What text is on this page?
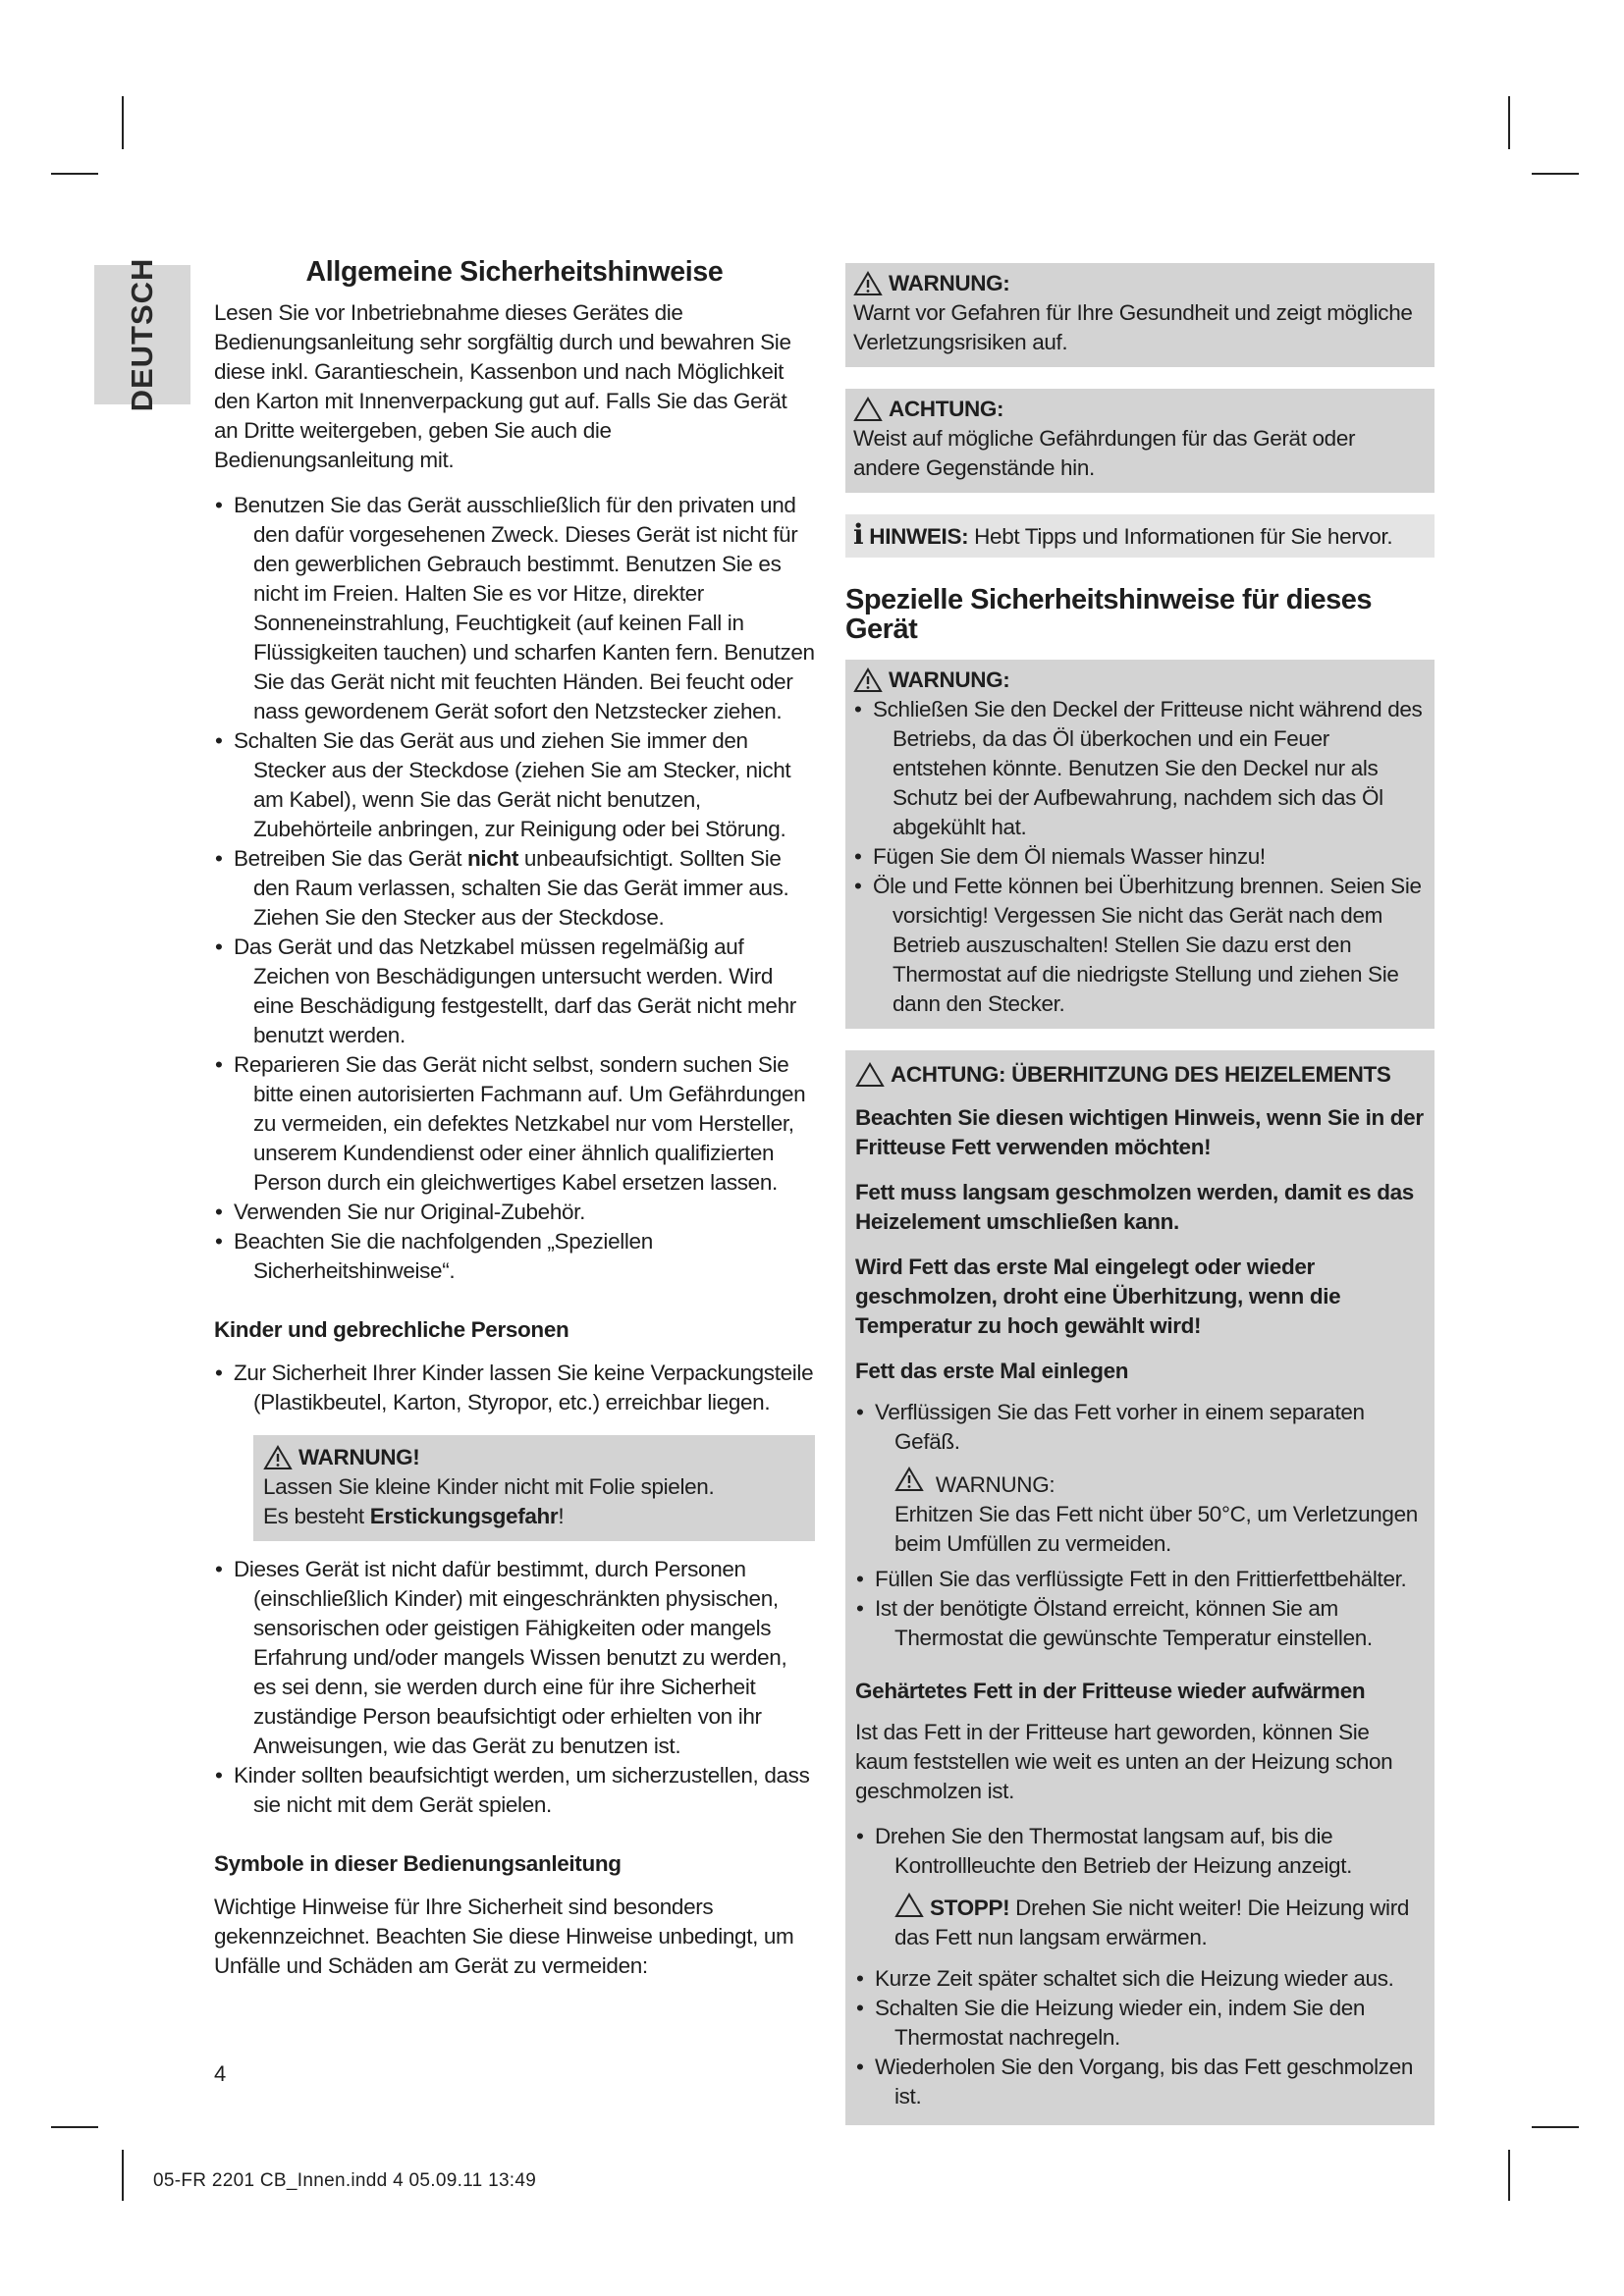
DEUTSCH	Allgemeine Sicherheitshinweise

Lesen Sie vor Inbetriebnahme dieses Gerätes die Bedienungsanleitung sehr sorgfältig durch und bewahren Sie diese inkl. Garantieschein, Kassenbon und nach Möglichkeit den Karton mit Innenverpackung gut auf. Falls Sie das Gerät an Dritte weitergeben, geben Sie auch die Bedienungsanleitung mit.

• Benutzen Sie das Gerät ausschließlich für den privaten und den dafür vorgesehenen Zweck. Dieses Gerät ist nicht für den gewerblichen Gebrauch bestimmt. Benutzen Sie es nicht im Freien. Halten Sie es vor Hitze, direkter Sonneneinstrahlung, Feuchtigkeit (auf keinen Fall in Flüssigkeiten tauchen) und scharfen Kanten fern. Benutzen Sie das Gerät nicht mit feuchten Händen. Bei feucht oder nass gewordenem Gerät sofort den Netzstecker ziehen.
• Schalten Sie das Gerät aus und ziehen Sie immer den Stecker aus der Steckdose (ziehen Sie am Stecker, nicht am Kabel), wenn Sie das Gerät nicht benutzen, Zubehörteile anbringen, zur Reinigung oder bei Störung.
• Betreiben Sie das Gerät nicht unbeaufsichtigt. Sollten Sie den Raum verlassen, schalten Sie das Gerät immer aus. Ziehen Sie den Stecker aus der Steckdose.
• Das Gerät und das Netzkabel müssen regelmäßig auf Zeichen von Beschädigungen untersucht werden. Wird eine Beschädigung festgestellt, darf das Gerät nicht mehr benutzt werden.
• Reparieren Sie das Gerät nicht selbst, sondern suchen Sie bitte einen autorisierten Fachmann auf. Um Gefährdungen zu vermeiden, ein defektes Netzkabel nur vom Hersteller, unserem Kundendienst oder einer ähnlich qualifizierten Person durch ein gleichwertiges Kabel ersetzen lassen.
• Verwenden Sie nur Original-Zubehör.
• Beachten Sie die nachfolgenden „Speziellen Sicherheitshinweise“.
Kinder und gebrechliche Personen
• Zur Sicherheit Ihrer Kinder lassen Sie keine Verpackungsteile (Plastikbeutel, Karton, Styropor, etc.) erreichbar liegen.
WARNUNG!
Lassen Sie kleine Kinder nicht mit Folie spielen.
Es besteht Erstickungsgefahr!
• Dieses Gerät ist nicht dafür bestimmt, durch Personen (einschließlich Kinder) mit eingeschränkten physischen, sensorischen oder geistigen Fähigkeiten oder mangels Erfahrung und/oder mangels Wissen benutzt zu werden, es sei denn, sie werden durch eine für ihre Sicherheit zuständige Person beaufsichtigt oder erhielten von ihr Anweisungen, wie das Gerät zu benutzen ist.
• Kinder sollten beaufsichtigt werden, um sicherzustellen, dass sie nicht mit dem Gerät spielen.
Symbole in dieser Bedienungsanleitung

Wichtige Hinweise für Ihre Sicherheit sind besonders gekennzeichnet. Beachten Sie diese Hinweise unbedingt, um Unfälle und Schäden am Gerät zu vermeiden:

WARNUNG:
Warnt vor Gefahren für Ihre Gesundheit und zeigt mögliche Verletzungsrisiken auf.
ACHTUNG:
Weist auf mögliche Gefährdungen für das Gerät oder andere Gegenstände hin.
i HINWEIS: Hebt Tipps und Informationen für Sie hervor.
Spezielle Sicherheitshinweise für dieses Gerät
WARNUNG:
• Schließen Sie den Deckel der Fritteuse nicht während des Betriebs, da das Öl überkochen und ein Feuer entstehen könnte. Benutzen Sie den Deckel nur als Schutz bei der Aufbewahrung, nachdem sich das Öl abgekühlt hat.
• Fügen Sie dem Öl niemals Wasser hinzu!
• Öle und Fette können bei Überhitzung brennen. Seien Sie vorsichtig! Vergessen Sie nicht das Gerät nach dem Betrieb auszuschalten! Stellen Sie dazu erst den Thermostat auf die niedrigste Stellung und ziehen Sie dann den Stecker.
ACHTUNG: ÜBERHITZUNG DES HEIZELEMENTS

Beachten Sie diesen wichtigen Hinweis, wenn Sie in der Fritteuse Fett verwenden möchten!

Fett muss langsam geschmolzen werden, damit es das Heizelement umschließen kann.

Wird Fett das erste Mal eingelegt oder wieder geschmolzen, droht eine Überhitzung, wenn die Temperatur zu hoch gewählt wird!

Fett das erste Mal einlegen
• Verflüssigen Sie das Fett vorher in einem separaten Gefäß.
WARNUNG:
Erhitzen Sie das Fett nicht über 50°C, um Verletzungen beim Umfüllen zu vermeiden.
• Füllen Sie das verflüssigte Fett in den Frittierfettbehälter.
• Ist der benötigte Ölstand erreicht, können Sie am Thermostat die gewünschte Temperatur einstellen.
Gehärtetes Fett in der Fritteuse wieder aufwärmen

Ist das Fett in der Fritteuse hart geworden, können Sie kaum feststellen wie weit es unten an der Heizung schon geschmolzen ist.

• Drehen Sie den Thermostat langsam auf, bis die Kontrollleuchte den Betrieb der Heizung anzeigt.
STOPP! Drehen Sie nicht weiter! Die Heizung wird das Fett nun langsam erwärmen.
• Kurze Zeit später schaltet sich die Heizung wieder aus.
• Schalten Sie die Heizung wieder ein, indem Sie den Thermostat nachregeln.
• Wiederholen Sie den Vorgang, bis das Fett geschmolzen ist.
4
05-FR 2201 CB_Innen.indd 4 05.09.11 13:49
